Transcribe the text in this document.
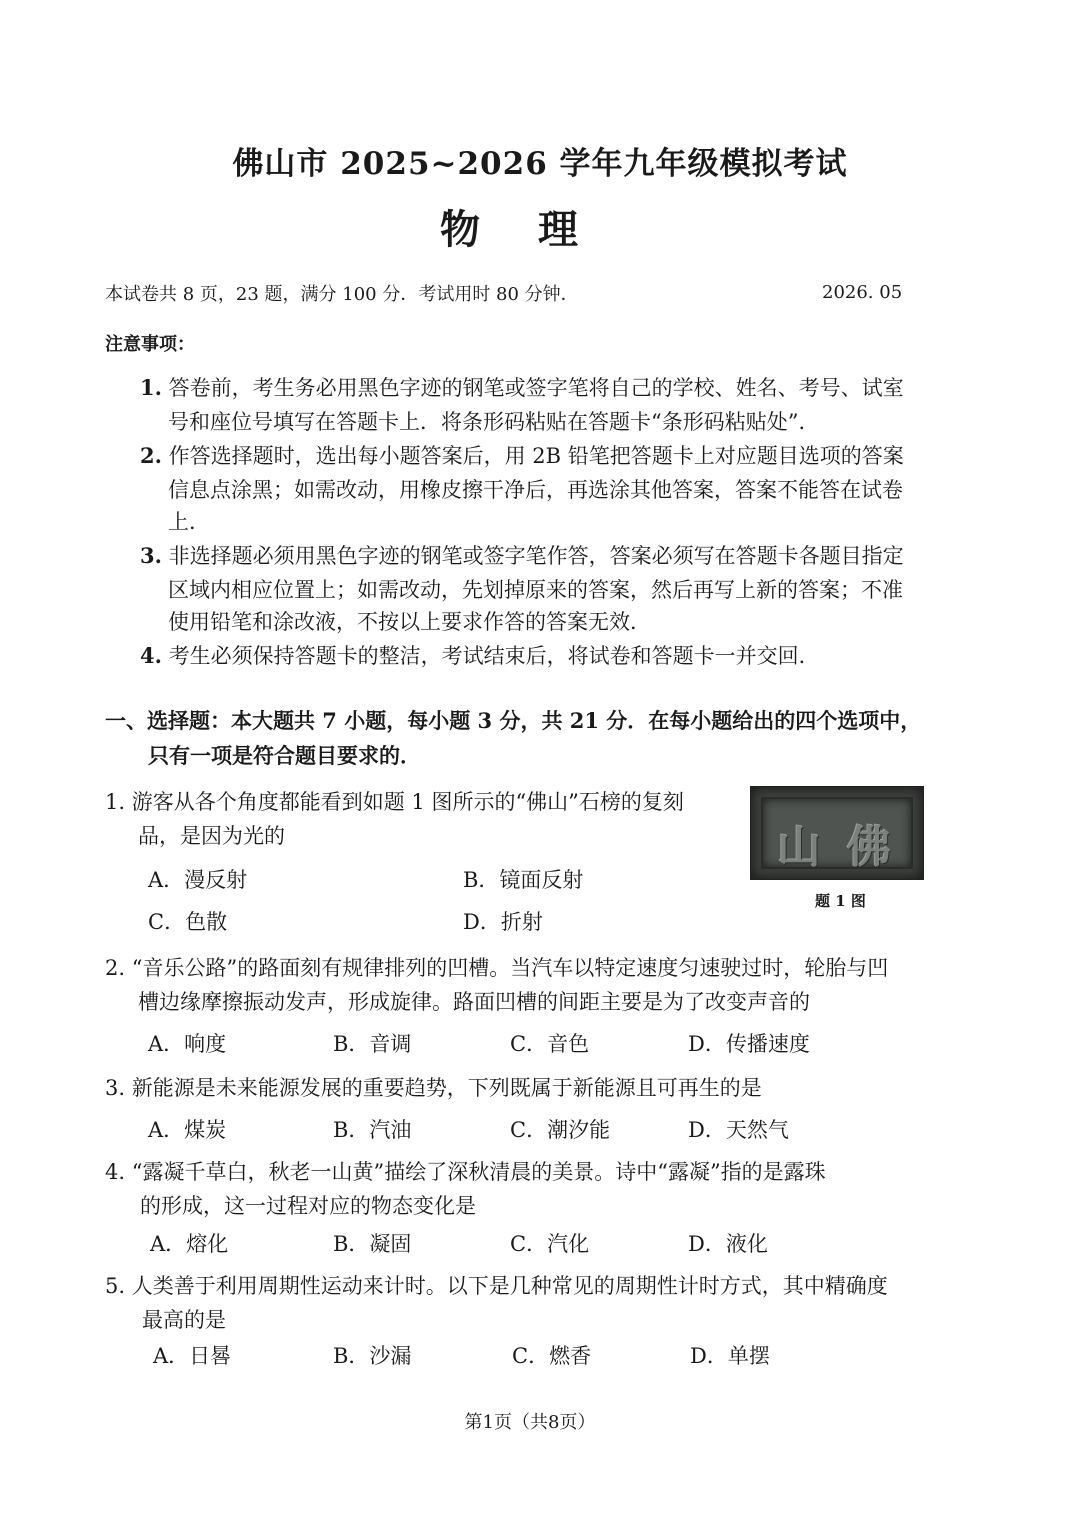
佛山市 2025~2026 学年九年级模拟考试
物 理
本试卷共 8 页，23 题，满分 100 分．考试用时 80 分钟．	2026. 05
注意事项：
1. 答卷前，考生务必用黑色字迹的钢笔或签字笔将自己的学校、姓名、考号、试室
号和座位号填写在答题卡上．将条形码粘贴在答题卡“条形码粘贴处”．
2. 作答选择题时，选出每小题答案后，用 2B 铅笔把答题卡上对应题目选项的答案
信息点涂黑；如需改动，用橡皮擦干净后，再选涂其他答案，答案不能答在试卷
上．
3. 非选择题必须用黑色字迹的钢笔或签字笔作答，答案必须写在答题卡各题目指定
区域内相应位置上；如需改动，先划掉原来的答案，然后再写上新的答案；不准
使用铅笔和涂改液，不按以上要求作答的答案无效．
4. 考生必须保持答题卡的整洁，考试结束后，将试卷和答题卡一并交回．
一、选择题：本大题共 7 小题，每小题 3 分，共 21 分．在每小题给出的四个选项中，
只有一项是符合题目要求的．
1. 游客从各个角度都能看到如题 1 图所示的“佛山”石榜的复刻
品，是因为光的
A．漫反射	B．镜面反射
C．色散	D．折射
山 佛
题 1 图
2. “音乐公路”的路面刻有规律排列的凹槽。当汽车以特定速度匀速驶过时，轮胎与凹
槽边缘摩擦振动发声，形成旋律。路面凹槽的间距主要是为了改变声音的
A．响度	B．音调	C．音色	D．传播速度
3. 新能源是未来能源发展的重要趋势，下列既属于新能源且可再生的是
A．煤炭	B．汽油	C．潮汐能	D．天然气
4. “露凝千草白，秋老一山黄”描绘了深秋清晨的美景。诗中“露凝”指的是露珠
的形成，这一过程对应的物态变化是
A．熔化	B．凝固	C．汽化	D．液化
5. 人类善于利用周期性运动来计时。以下是几种常见的周期性计时方式，其中精确度
最高的是
A．日晷	B．沙漏	C．燃香	D．单摆
第1页（共8页）
